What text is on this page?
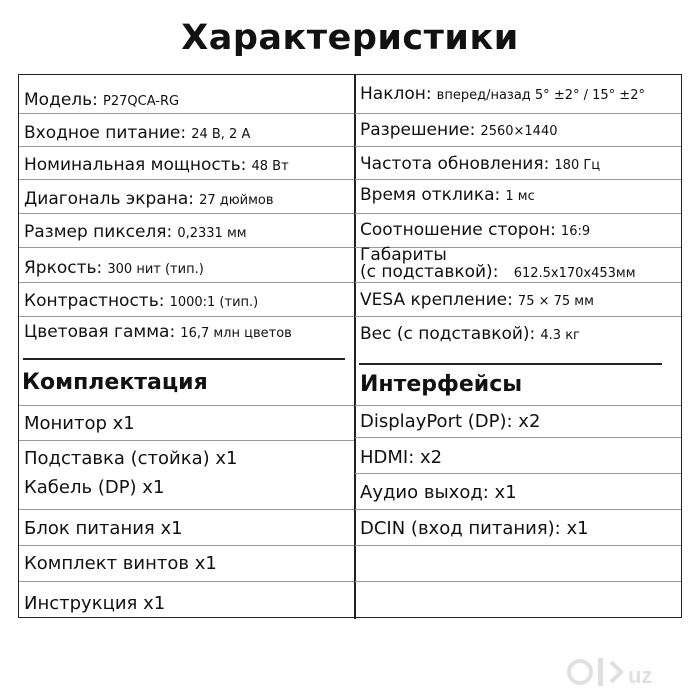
Характеристики
Модель: P27QCA-RG
Входное питание: 24 В, 2 А
Номинальная мощность: 48 Вт
Диагональ экрана: 27 дюймов
Размер пикселя: 0,2331 мм
Яркость: 300 нит (тип.)
Контрастность: 1000:1 (тип.)
Цветовая гамма: 16,7 млн цветов
Наклон: вперед/назад 5° ±2° / 15° ±2°
Разрешение: 2560×1440
Частота обновления: 180 Гц
Время отклика: 1 мс
Соотношение сторон: 16:9
Габариты
(с подставкой): 612.5x170x453мм
VESA крепление: 75 × 75 мм
Вес (с подставкой): 4.3 кг
Комплектация	Интерфейсы
Монитор x1
Подставка (стойка) x1
Кабель (DP) x1
Блок питания x1
Комплект винтов x1
Инструкция x1
DisplayPort (DP): x2
HDMI: x2
Аудио выход: x1
DCIN (вход питания): x1
uz
